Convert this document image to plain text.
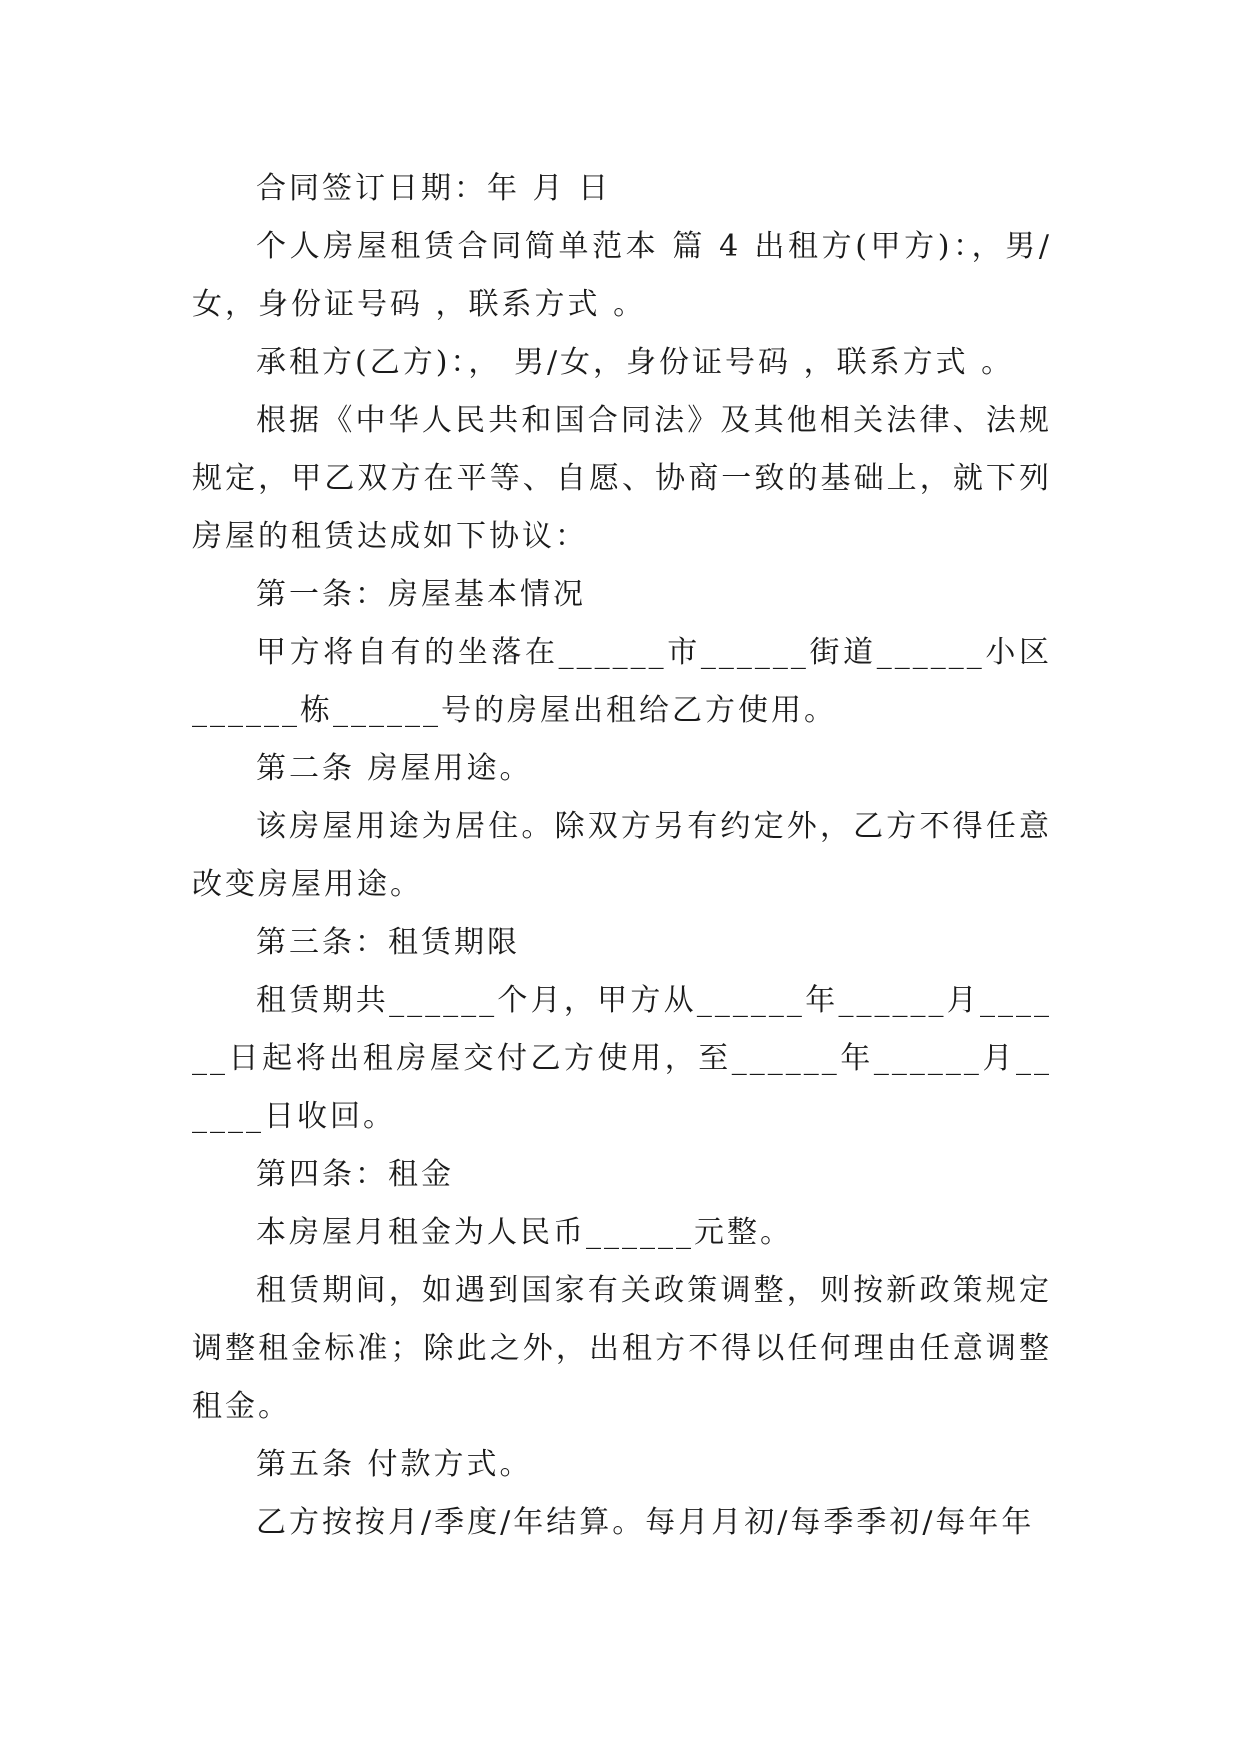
合同签订日期：年 月 日

个人房屋租赁合同简单范本 篇 4 出租方(甲方)：，男/女，身份证号码 ，联系方式 。

承租方(乙方)：， 男/女，身份证号码 ，联系方式 。

根据《中华人民共和国合同法》及其他相关法律、法规规定，甲乙双方在平等、自愿、协商一致的基础上，就下列房屋的租赁达成如下协议：

第一条：房屋基本情况

甲方将自有的坐落在______市______街道______小区______栋______号的房屋出租给乙方使用。

第二条 房屋用途。

该房屋用途为居住。除双方另有约定外，乙方不得任意改变房屋用途。

第三条：租赁期限

租赁期共______个月，甲方从______年______月______日起将出租房屋交付乙方使用，至______年______月______日收回。

第四条：租金

本房屋月租金为人民币______元整。

租赁期间，如遇到国家有关政策调整，则按新政策规定调整租金标准；除此之外，出租方不得以任何理由任意调整租金。

第五条 付款方式。

乙方按按月/季度/年结算。每月月初/每季季初/每年年
